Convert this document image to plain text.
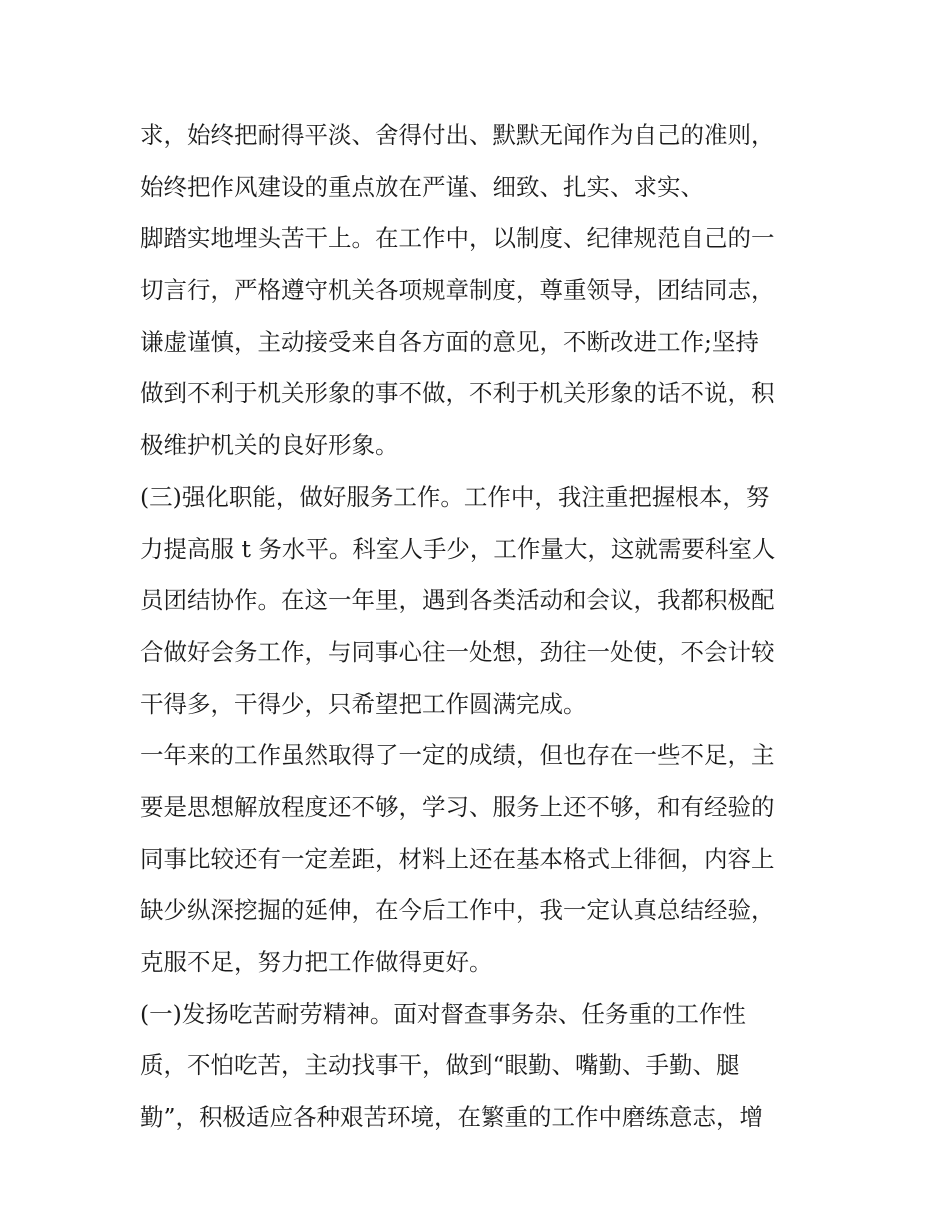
求，始终把耐得平淡、舍得付出、默默无闻作为自己的准则，
始终把作风建设的重点放在严谨、细致、扎实、求实、
脚踏实地埋头苦干上。在工作中，以制度、纪律规范自己的一
切言行，严格遵守机关各项规章制度，尊重领导，团结同志，
谦虚谨慎，主动接受来自各方面的意见，不断改进工作;坚持
做到不利于机关形象的事不做，不利于机关形象的话不说，积
极维护机关的良好形象。
(三)强化职能，做好服务工作。工作中，我注重把握根本，努
力提高服 t 务水平。科室人手少，工作量大，这就需要科室人
员团结协作。在这一年里，遇到各类活动和会议，我都积极配
合做好会务工作，与同事心往一处想，劲往一处使，不会计较
干得多，干得少，只希望把工作圆满完成。
一年来的工作虽然取得了一定的成绩，但也存在一些不足，主
要是思想解放程度还不够，学习、服务上还不够，和有经验的
同事比较还有一定差距，材料上还在基本格式上徘徊，内容上
缺少纵深挖掘的延伸，在今后工作中，我一定认真总结经验，
克服不足，努力把工作做得更好。
(一)发扬吃苦耐劳精神。面对督查事务杂、任务重的工作性
质，不怕吃苦，主动找事干，做到“眼勤、嘴勤、手勤、腿
勤”，积极适应各种艰苦环境，在繁重的工作中磨练意志，增
